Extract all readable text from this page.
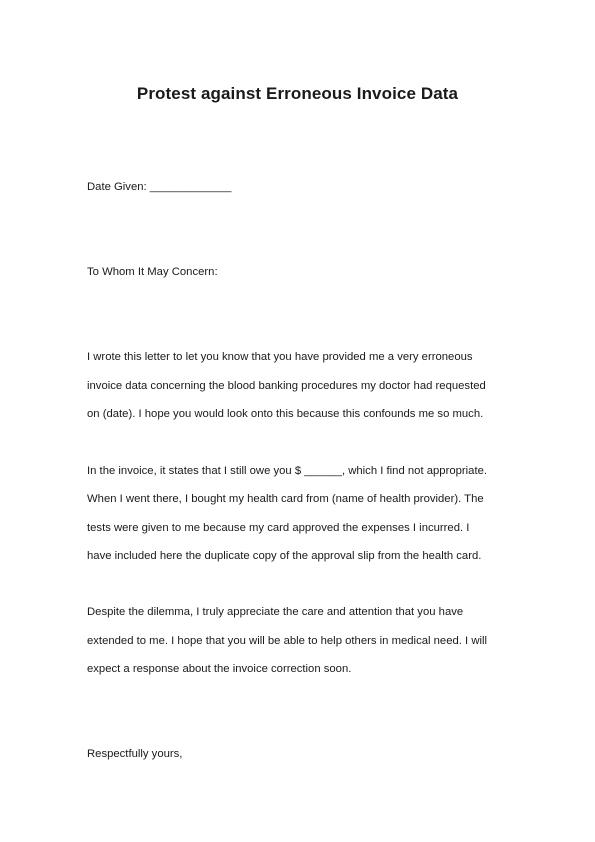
Protest against Erroneous Invoice Data
Date Given: _____________
To Whom It May Concern:
I wrote this letter to let you know that you have provided me a very erroneous
invoice data concerning the blood banking procedures my doctor had requested
on (date). I hope you would look onto this because this confounds me so much.
In the invoice, it states that I still owe you $ ______, which I find not appropriate.
When I went there, I bought my health card from (name of health provider). The
tests were given to me because my card approved the expenses I incurred. I
have included here the duplicate copy of the approval slip from the health card.
Despite the dilemma, I truly appreciate the care and attention that you have
extended to me. I hope that you will be able to help others in medical need. I will
expect a response about the invoice correction soon.
Respectfully yours,
